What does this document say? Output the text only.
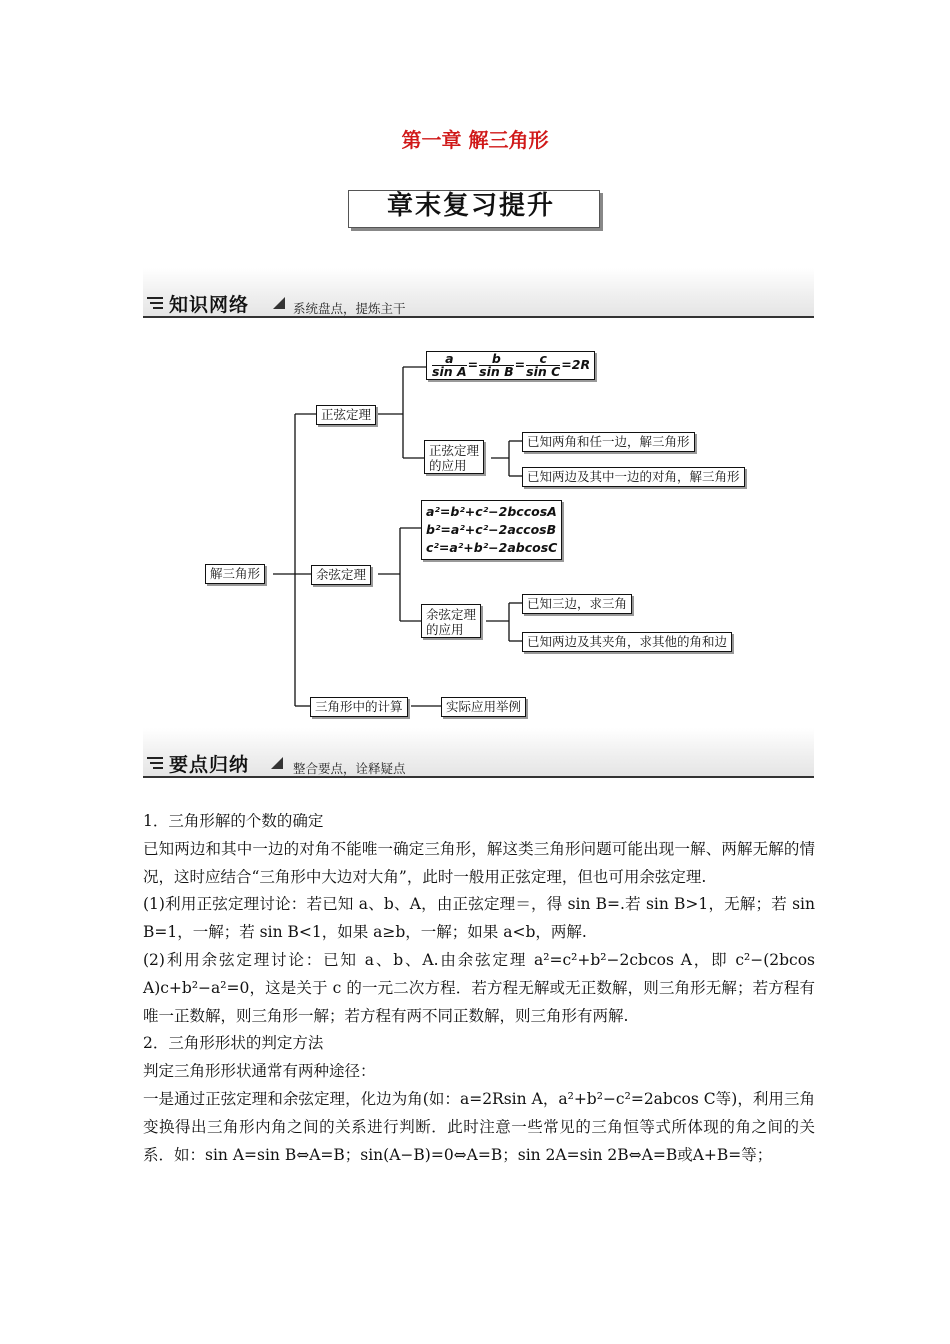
第一章 解三角形
章末复习提升
知识网络	系统盘点，提炼主干
解三角形
正弦定理
$\frac{a}{\text{sin A}} = \frac{b}{\text{sin B}} = \frac{c}{\text{sin C}} =2R$
正弦定理
的应用
已知两角和任一边，解三角形
已知两边及其中一边的对角，解三角形
余弦定理
a²=b²+c²−2bccosA
b²=a²+c²−2accosB
c²=a²+b²−2abcosC
余弦定理
的应用
已知三边，求三角
已知两边及其夹角，求其他的角和边
三角形中的计算	实际应用举例
要点归纳	整合要点，诠释疑点

1．三角形解的个数的确定

已知两边和其中一边的对角不能唯一确定三角形，解这类三角形问题可能出现一解、两解无解的情况，这时应结合“三角形中大边对大角”，此时一般用正弦定理，但也可用余弦定理.

(1)利用正弦定理讨论：若已知 a、b、A，由正弦定理＝，得 sin B=.若 sin B>1，无解；若 sin B=1，一解；若 sin B<1，如果 a≥b，一解；如果 a<b，两解.

(2)利用余弦定理讨论：已知 a、b、A.由余弦定理 a²=c²+b²−2cbcos A，即 c²−(2bcos A)c+b²−a²=0，这是关于 c 的一元二次方程．若方程无解或无正数解，则三角形无解；若方程有唯一正数解，则三角形一解；若方程有两不同正数解，则三角形有两解.

2．三角形形状的判定方法

判定三角形形状通常有两种途径：

一是通过正弦定理和余弦定理，化边为角(如：a=2Rsin A，a²+b²−c²=2abcos C等)，利用三角变换得出三角形内角之间的关系进行判断．此时注意一些常见的三角恒等式所体现的角之间的关系．如：sin A=sin B⇔A=B；sin(A−B)=0⇔A=B；sin 2A=sin 2B⇔A=B或A+B=等；
